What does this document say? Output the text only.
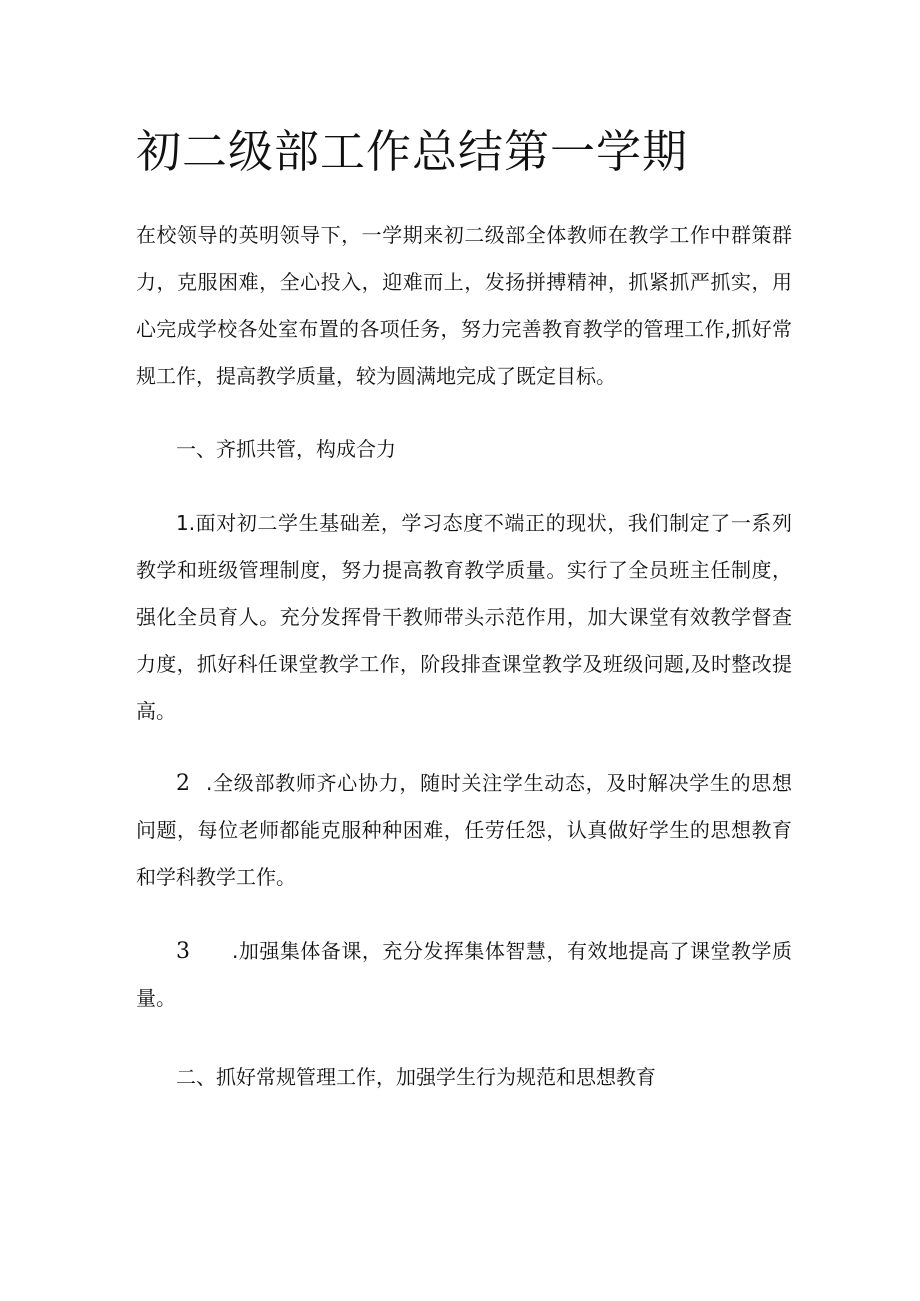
初二级部工作总结第一学期

在校领导的英明领导下，一学期来初二级部全体教师在教学工作中群策群力，克服困难，全心投入，迎难而上，发扬拼搏精神，抓紧抓严抓实，用心完成学校各处室布置的各项任务，努力完善教育教学的管理工作,抓好常规工作，提高教学质量，较为圆满地完成了既定目标。

一、齐抓共管，构成合力

1.面对初二学生基础差，学习态度不端正的现状，我们制定了一系列教学和班级管理制度，努力提高教育教学质量。实行了全员班主任制度，强化全员育人。充分发挥骨干教师带头示范作用，加大课堂有效教学督查力度，抓好科任课堂教学工作，阶段排查课堂教学及班级问题,及时整改提高。

2 .全级部教师齐心协力，随时关注学生动态，及时解决学生的思想问题，每位老师都能克服种种困难，任劳任怨，认真做好学生的思想教育和学科教学工作。

3 .加强集体备课，充分发挥集体智慧，有效地提高了课堂教学质量。

二、抓好常规管理工作，加强学生行为规范和思想教育
